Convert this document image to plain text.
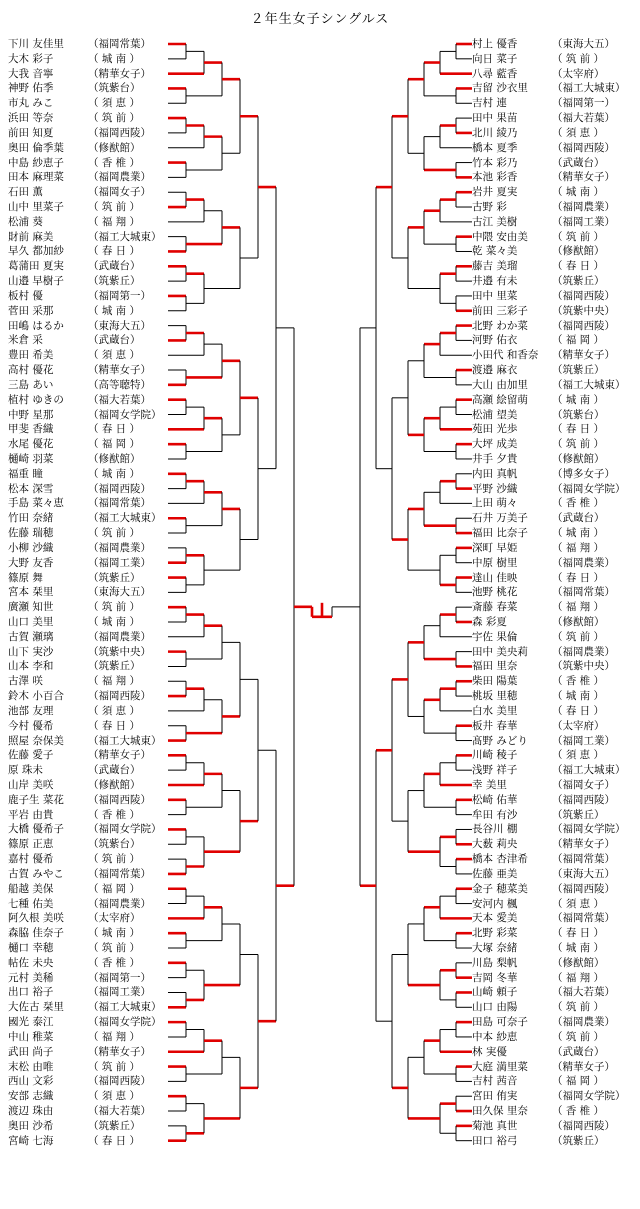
２年生女子シングルス
下川 友佳里 （福岡常葉）
大木 彩子	（ 城 南 ）
大我 音寧	（精華女子）
神野 佑季	（筑紫台）
市丸 みこ	（ 須 恵 ）
浜田 等奈	（ 筑 前 ）
前田 知夏	（福岡西陵）
奥田 倫季葉 （修猷館）
中島 紗恵子 （ 香 椎 ）
田本 麻理菜 （福岡農業）
石田 薫	（福岡女子）
山中 里菜子 （ 筑 前 ）
松浦 葵	（ 福 翔 ）
財前 麻美	（福工大城東）
早久 都加紗 （ 春 日 ）
葛蒲田 夏実 （武蔵台）
山邉 早樹子 （筑紫丘）
板村 優	（福岡第一）
菅田 采那	（ 城 南 ）
田嶋 はるか （東海大五）
米倉 采	（武蔵台）
豊田 希美	（ 須 恵 ）
高村 優花	（精華女子）
三島 あい	（高等聴特）
植村 ゆきの （福大若葉）
中野 星那	（福岡女学院）
甲斐 香織	（ 春 日 ）
水尾 優花	（ 福 岡 ）
樋崎 羽菜	（修猷館）
福重 瞳	（ 城 南 ）
松本 深雪	（福岡西陵）
手島 菜々恵 （福岡常葉）
竹田 奈緒	（福工大城東）
佐藤 瑞穂	（ 筑 前 ）
小柳 沙織	（福岡農業）
大野 友香	（福岡工業）
篠原 舞	（筑紫丘）
宮本 栞里	（東海大五）
廣瀬 知世	（ 筑 前 ）
山口 美里	（ 城 南 ）
古賀 瀬璃	（福岡農業）
山下 実沙	（筑紫中央）
山本 李和	（筑紫丘）
古澤 咲	（ 福 翔 ）
鈴木 小百合 （福岡西陵）
池部 友理	（ 須 恵 ）
今村 優希	（ 春 日 ）
照屋 奈保美 （福工大城東）
佐藤 愛子	（精華女子）
原 珠未	（武蔵台）
山岸 美咲	（修猷館）
鹿子生 菜花 （福岡西陵）
平岩 由貴	（ 香 椎 ）
大橋 優希子 （福岡女学院）
篠原 正恵	（筑紫台）
嘉村 優希	（ 筑 前 ）
古賀 みやこ （福岡常葉）
船越 美保	（ 福 岡 ）
七種 佑美	（福岡農業）
阿久根 美咲 （太宰府）
森脇 佳奈子 （ 城 南 ）
樋口 幸穂	（ 筑 前 ）
帖佐 未央	（ 香 椎 ）
元村 美稀	（福岡第一）
出口 裕子	（福岡工業）
大佐古 栞里 （福工大城東）
國光 泰江	（福岡女学院）
中山 稚菜	（ 福 翔 ）
武田 尚子	（精華女子）
末松 由唯	（ 筑 前 ）
西山 文彩	（福岡西陵）
安部 志織	（ 須 恵 ）
渡辺 珠由	（福大若葉）
奥田 沙希	（筑紫丘）
宮崎 七海	（ 春 日 ）
村上 優香	（東海大五）
向日 菜子	（ 筑 前 ）
八尋 藍香	（太宰府）
吉留 沙衣里 （福工大城東）
吉村 連	（福岡第一）
田中 果苗	（福大若葉）
北川 綾乃	（ 須 恵 ）
橋本 夏季	（福岡西陵）
竹本 彩乃	（武蔵台）
本池 彩香	（精華女子）
岩井 夏実	（ 城 南 ）
古野 彩	（福岡農業）
古江 美樹	（福岡工業）
中隈 安由美 （ 筑 前 ）
乾 菜々美	（修猷館）
藤吉 美瑠	（ 春 日 ）
井邉 有未	（筑紫丘）
田中 里菜	（福岡西陵）
前田 三彩子 （筑紫中央）
北野 わか菜 （福岡西陵）
河野 佑衣	（ 福 岡 ）
小田代 和香奈 （精華女子）
渡邉 麻衣	（筑紫丘）
大山 由加里 （福工大城東）
高瀬 絵留萌 （ 城 南 ）
松浦 望美	（筑紫台）
苑田 光歩	（ 春 日 ）
大坪 成美	（ 筑 前 ）
井手 夕貴	（修猷館）
内田 真帆	（博多女子）
平野 沙織	（福岡女学院）
上田 萌々	（ 香 椎 ）
石井 万美子 （武蔵台）
福田 比奈子 （ 城 南 ）
深町 早姫	（ 福 翔 ）
中原 樹里	（福岡農業）
達山 佳映	（ 春 日 ）
池野 桃花	（福岡常葉）
斎藤 春菜	（ 福 翔 ）
森 彩夏	（修猷館）
宇佐 果倫	（ 筑 前 ）
田中 美央莉 （福岡農業）
福田 里奈	（筑紫中央）
柴田 陽葉	（ 香 椎 ）
桃坂 里穂	（ 城 南 ）
白水 美里	（ 春 日 ）
板井 春華	（太宰府）
髙野 みどり （福岡工業）
川崎 稜子	（ 須 恵 ）
浅野 祥子	（福工大城東）
幸 美里	（福岡女子）
松崎 佑華	（福岡西陵）
牟田 有沙	（筑紫丘）
長谷川 棚	（福岡女学院）
大薮 莉央	（精華女子）
橋本 杏津希 （福岡常葉）
佐藤 亜美	（東海大五）
金子 穂菜美 （福岡西陵）
安河内 楓	（ 須 恵 ）
天本 愛美	（福岡常葉）
北野 彩菜	（ 春 日 ）
大塚 奈緒	（ 城 南 ）
川島 梨帆	（修猷館）
吉岡 冬華	（ 福 翔 ）
山崎 頼子	（福大若葉）
山口 由陽	（ 筑 前 ）
田島 可奈子 （福岡農業）
中本 紗恵	（ 筑 前 ）
林 実優	（武蔵台）
大庭 満里菜 （精華女子）
吉村 茜音	（ 福 岡 ）
宮田 侑実	（福岡女学院）
田久保 里奈 （ 香 椎 ）
菊池 真世	（福岡西陵）
田口 裕弓	（筑紫丘）
